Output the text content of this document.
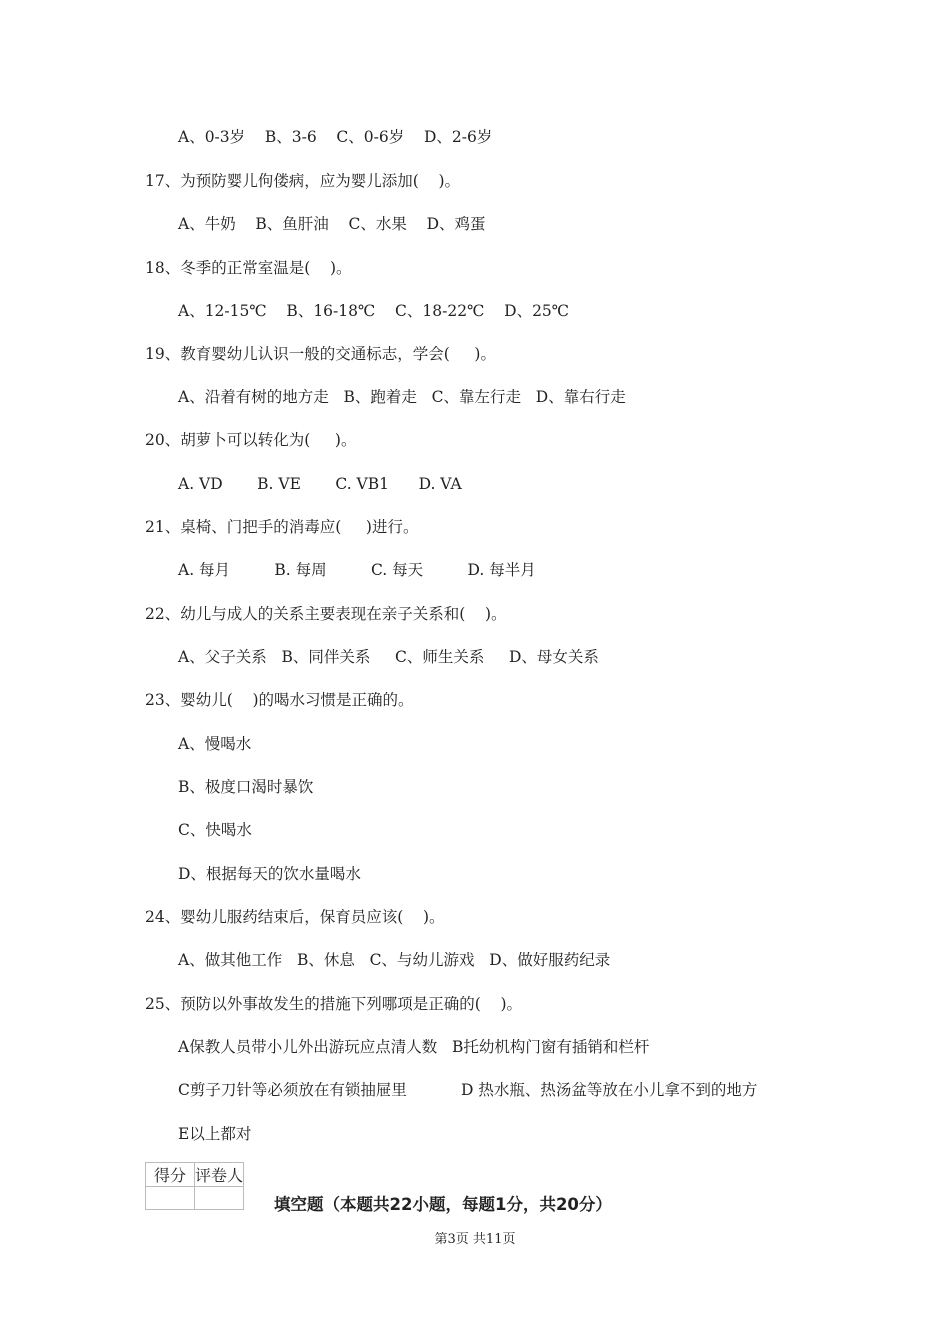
A、0-3岁    B、3-6    C、0-6岁    D、2-6岁
17、为预防婴儿佝偻病，应为婴儿添加(    )。
A、牛奶    B、鱼肝油    C、水果    D、鸡蛋
18、冬季的正常室温是(    )。
A、12-15℃    B、16-18℃    C、18-22℃    D、25℃
19、教育婴幼儿认识一般的交通标志，学会(     )。
A、沿着有树的地方走   B、跑着走   C、靠左行走   D、靠右行走
20、胡萝卜可以转化为(     )。
A. VD       B. VE       C. VB1      D. VA
21、桌椅、门把手的消毒应(     )进行。
A. 每月         B. 每周         C. 每天         D. 每半月
22、幼儿与成人的关系主要表现在亲子关系和(    )。
A、父子关系   B、同伴关系     C、师生关系     D、母女关系
23、婴幼儿(    )的喝水习惯是正确的。
A、慢喝水
B、极度口渴时暴饮
C、快喝水
D、根据每天的饮水量喝水
24、婴幼儿服药结束后，保育员应该(    )。
A、做其他工作   B、休息   C、与幼儿游戏   D、做好服药纪录
25、预防以外事故发生的措施下列哪项是正确的(    )。
A保教人员带小儿外出游玩应点清人数   B托幼机构门窗有插销和栏杆
C剪子刀针等必须放在有锁抽屉里           D 热水瓶、热汤盆等放在小儿拿不到的地方
E以上都对
得分	评卷人

填空题（本题共22小题，每题1分，共20分）
第3页 共11页
